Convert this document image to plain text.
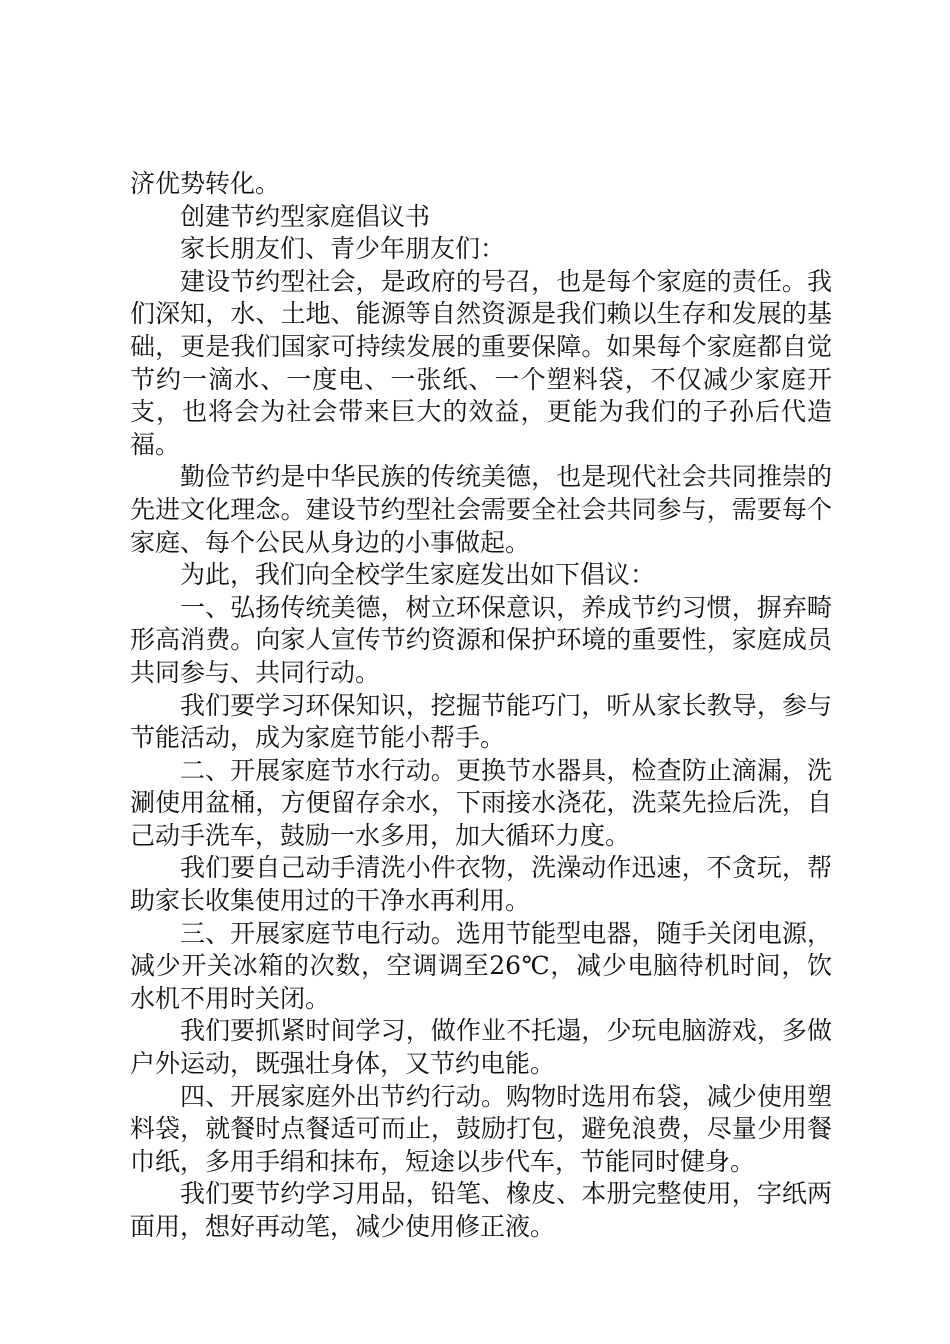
济优势转化。

创建节约型家庭倡议书

家长朋友们、青少年朋友们：

建设节约型社会，是政府的号召，也是每个家庭的责任。我们深知，水、土地、能源等自然资源是我们赖以生存和发展的基础，更是我们国家可持续发展的重要保障。如果每个家庭都自觉节约一滴水、一度电、一张纸、一个塑料袋，不仅减少家庭开支，也将会为社会带来巨大的效益，更能为我们的子孙后代造福。

勤俭节约是中华民族的传统美德，也是现代社会共同推崇的先进文化理念。建设节约型社会需要全社会共同参与，需要每个家庭、每个公民从身边的小事做起。

为此，我们向全校学生家庭发出如下倡议：

一、弘扬传统美德，树立环保意识，养成节约习惯，摒弃畸形高消费。向家人宣传节约资源和保护环境的重要性，家庭成员共同参与、共同行动。

我们要学习环保知识，挖掘节能巧门，听从家长教导，参与节能活动，成为家庭节能小帮手。

二、开展家庭节水行动。更换节水器具，检查防止滴漏，洗涮使用盆桶，方便留存余水，下雨接水浇花，洗菜先捡后洗，自己动手洗车，鼓励一水多用，加大循环力度。

我们要自己动手清洗小件衣物，洗澡动作迅速，不贪玩，帮助家长收集使用过的干净水再利用。

三、开展家庭节电行动。选用节能型电器，随手关闭电源，减少开关冰箱的次数，空调调至26℃，减少电脑待机时间，饮水机不用时关闭。

我们要抓紧时间学习，做作业不托遢，少玩电脑游戏，多做户外运动，既强壮身体，又节约电能。

四、开展家庭外出节约行动。购物时选用布袋，减少使用塑料袋，就餐时点餐适可而止，鼓励打包，避免浪费，尽量少用餐巾纸，多用手绢和抹布，短途以步代车，节能同时健身。

我们要节约学习用品，铅笔、橡皮、本册完整使用，字纸两面用，想好再动笔，减少使用修正液。
